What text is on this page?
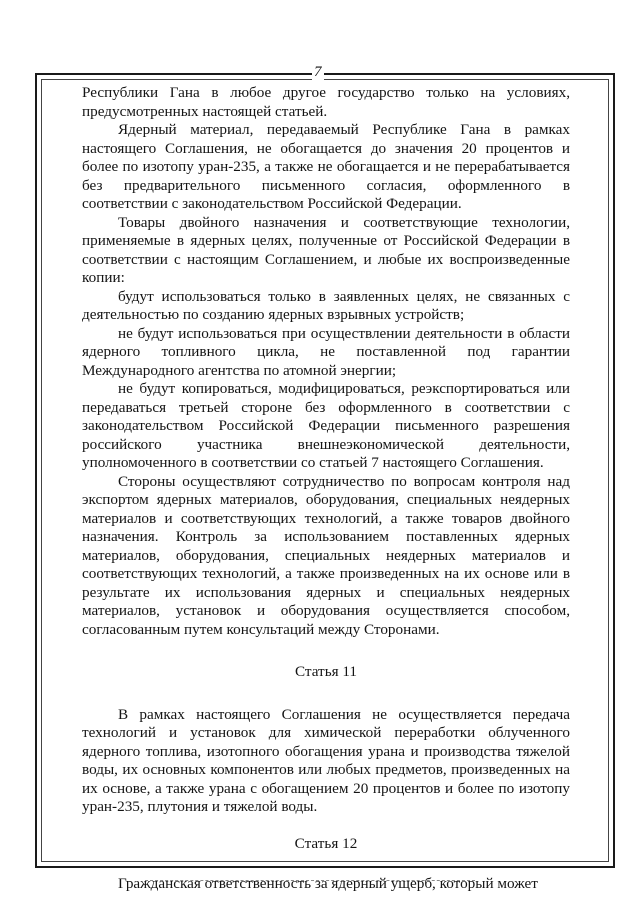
7

Республики Гана в любое другое государство только на условиях, предусмотренных настоящей статьей.

Ядерный материал, передаваемый Республике Гана в рамках настоящего Соглашения, не обогащается до значения 20 процентов и более по изотопу уран-235, а также не обогащается и не перерабатывается без предварительного письменного согласия, оформленного в соответствии с законодательством Российской Федерации.

Товары двойного назначения и соответствующие технологии, применяемые в ядерных целях, полученные от Российской Федерации в соответствии с настоящим Соглашением, и любые их воспроизведенные копии:

будут использоваться только в заявленных целях, не связанных с деятельностью по созданию ядерных взрывных устройств;

не будут использоваться при осуществлении деятельности в области ядерного топливного цикла, не поставленной под гарантии Международного агентства по атомной энергии;

не будут копироваться, модифицироваться, реэкспортироваться или передаваться третьей стороне без оформленного в соответствии с законодательством Российской Федерации письменного разрешения российского участника внешнеэкономической деятельности, уполномоченного в соответствии со статьей 7 настоящего Соглашения.

Стороны осуществляют сотрудничество по вопросам контроля над экспортом ядерных материалов, оборудования, специальных неядерных материалов и соответствующих технологий, а также товаров двойного назначения. Контроль за использованием поставленных ядерных материалов, оборудования, специальных неядерных материалов и соответствующих технологий, а также произведенных на их основе или в результате их использования ядерных и специальных неядерных материалов, установок и оборудования осуществляется способом, согласованным путем консультаций между Сторонами.

Статья 11

В рамках настоящего Соглашения не осуществляется передача технологий и установок для химической переработки облученного ядерного топлива, изотопного обогащения урана и производства тяжелой воды, их основных компонентов или любых предметов, произведенных на их основе, а также урана с обогащением 20 процентов и более по изотопу уран-235, плутония и тяжелой воды.

Статья 12

Гражданская ответственность за ядерный ущерб, который может
